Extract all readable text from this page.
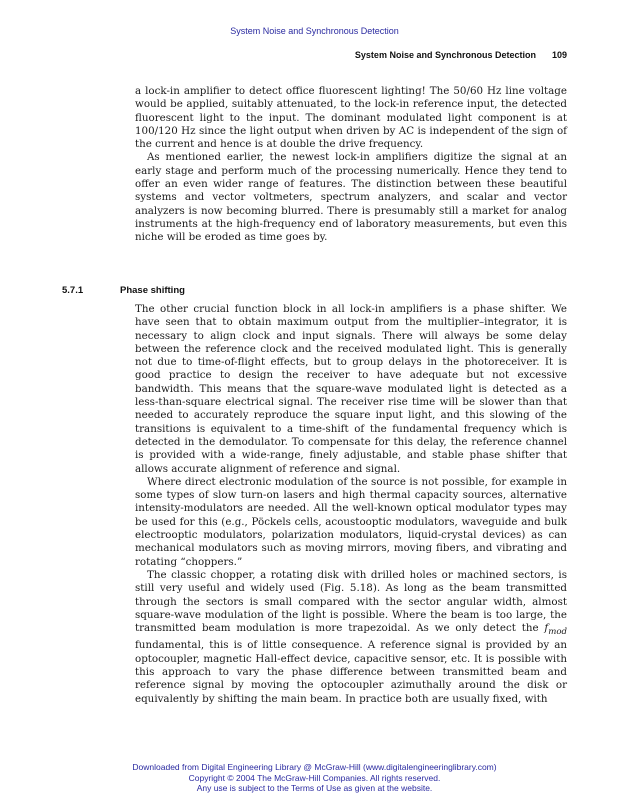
System Noise and Synchronous Detection
System Noise and Synchronous Detection 109

a lock-in amplifier to detect office fluorescent lighting! The 50/60 Hz line voltage would be applied, suitably attenuated, to the lock-in reference input, the detected fluorescent light to the input. The dominant modulated light component is at 100/120 Hz since the light output when driven by AC is independent of the sign of the current and hence is at double the drive frequency.

As mentioned earlier, the newest lock-in amplifiers digitize the signal at an early stage and perform much of the processing numerically. Hence they tend to offer an even wider range of features. The distinction between these beautiful systems and vector voltmeters, spectrum analyzers, and scalar and vector analyzers is now becoming blurred. There is presumably still a market for analog instruments at the high-frequency end of laboratory measurements, but even this niche will be eroded as time goes by.

5.7.1	Phase shifting

The other crucial function block in all lock-in amplifiers is a phase shifter. We have seen that to obtain maximum output from the multiplier–integrator, it is necessary to align clock and input signals. There will always be some delay between the reference clock and the received modulated light. This is generally not due to time-of-flight effects, but to group delays in the photoreceiver. It is good practice to design the receiver to have adequate but not excessive bandwidth. This means that the square-wave modulated light is detected as a less-than-square electrical signal. The receiver rise time will be slower than that needed to accurately reproduce the square input light, and this slowing of the transitions is equivalent to a time-shift of the fundamental frequency which is detected in the demodulator. To compensate for this delay, the reference channel is provided with a wide-range, finely adjustable, and stable phase shifter that allows accurate alignment of reference and signal.

Where direct electronic modulation of the source is not possible, for example in some types of slow turn-on lasers and high thermal capacity sources, alternative intensity-modulators are needed. All the well-known optical modulator types may be used for this (e.g., Pöckels cells, acoustooptic modulators, waveguide and bulk electrooptic modulators, polarization modulators, liquid-crystal devices) as can mechanical modulators such as moving mirrors, moving fibers, and vibrating and rotating “choppers.”

The classic chopper, a rotating disk with drilled holes or machined sectors, is still very useful and widely used (Fig. 5.18). As long as the beam transmitted through the sectors is small compared with the sector angular width, almost square-wave modulation of the light is possible. Where the beam is too large, the transmitted beam modulation is more trapezoidal. As we only detect the $f_{mod}$ fundamental, this is of little consequence. A reference signal is provided by an optocoupler, magnetic Hall-effect device, capacitive sensor, etc. It is possible with this approach to vary the phase difference between transmitted beam and reference signal by moving the optocoupler azimuthally around the disk or equivalently by shifting the main beam. In practice both are usually fixed, with

Downloaded from Digital Engineering Library @ McGraw-Hill (www.digitalengineeringlibrary.com)
Copyright © 2004 The McGraw-Hill Companies. All rights reserved.
Any use is subject to the Terms of Use as given at the website.
